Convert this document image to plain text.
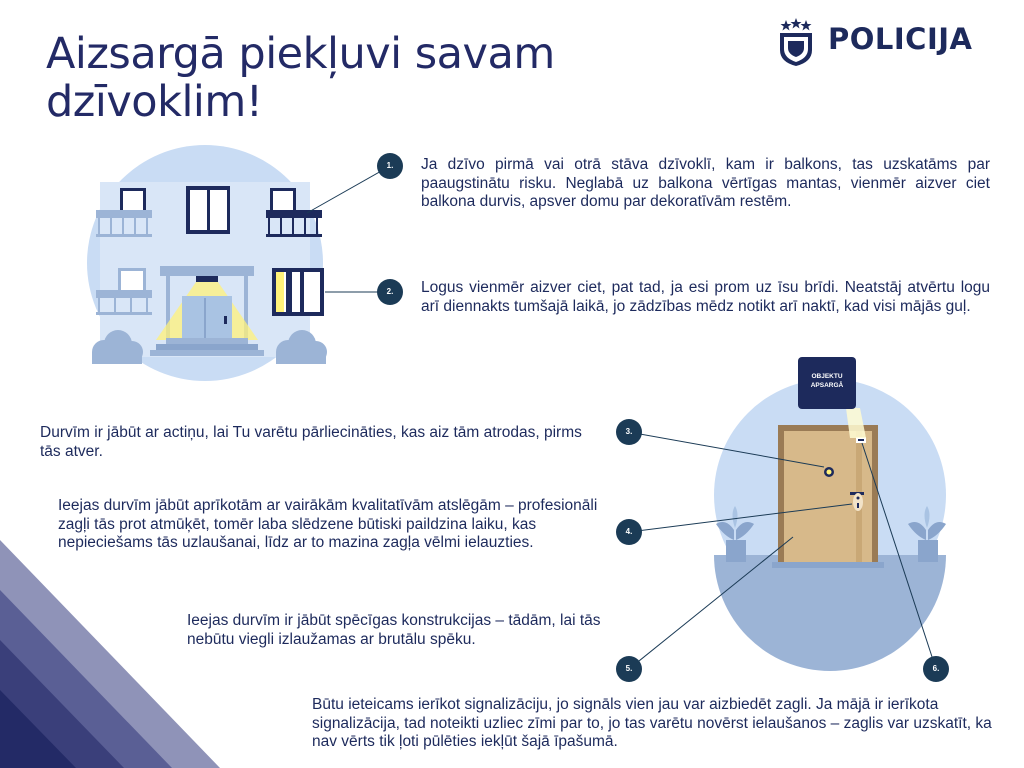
Aizsargā piekļuvi savam
dzīvoklim!
POLICIJA
OBJEKTU
APSARGĀ
1.
2.
3.
4.
5.	6.
Ja dzīvo pirmā vai otrā stāva dzīvoklī, kam ir balkons, tas uzskatāms par paaugstinātu risku. Neglabā uz balkona vērtīgas mantas, vienmēr aizver ciet balkona durvis, apsver domu par dekoratīvām restēm.
Logus vienmēr aizver ciet, pat tad, ja esi prom uz īsu brīdi. Neatstāj atvērtu logu arī diennakts tumšajā laikā, jo zādzības mēdz notikt arī naktī, kad visi mājās guļ.
Durvīm ir jābūt ar actiņu, lai Tu varētu pārliecināties, kas aiz tām atrodas, pirms tās atver.
Ieejas durvīm jābūt aprīkotām ar vairākām kvalitatīvām atslēgām – profesionāli zagļi tās prot atmūķēt, tomēr laba slēdzene būtiski paildzina laiku, kas nepieciešams tās uzlaušanai, līdz ar to mazina zagļa vēlmi ielauzties.
Ieejas durvīm ir jābūt spēcīgas konstrukcijas – tādām, lai tās nebūtu viegli izlaužamas ar brutālu spēku.
Būtu ieteicams ierīkot signalizāciju, jo signāls vien jau var aizbiedēt zagli. Ja mājā ir ierīkota signalizācija, tad noteikti uzliec zīmi par to, jo tas varētu novērst ielaušanos – zaglis var uzskatīt, ka nav vērts tik ļoti pūlēties iekļūt šajā īpašumā.
